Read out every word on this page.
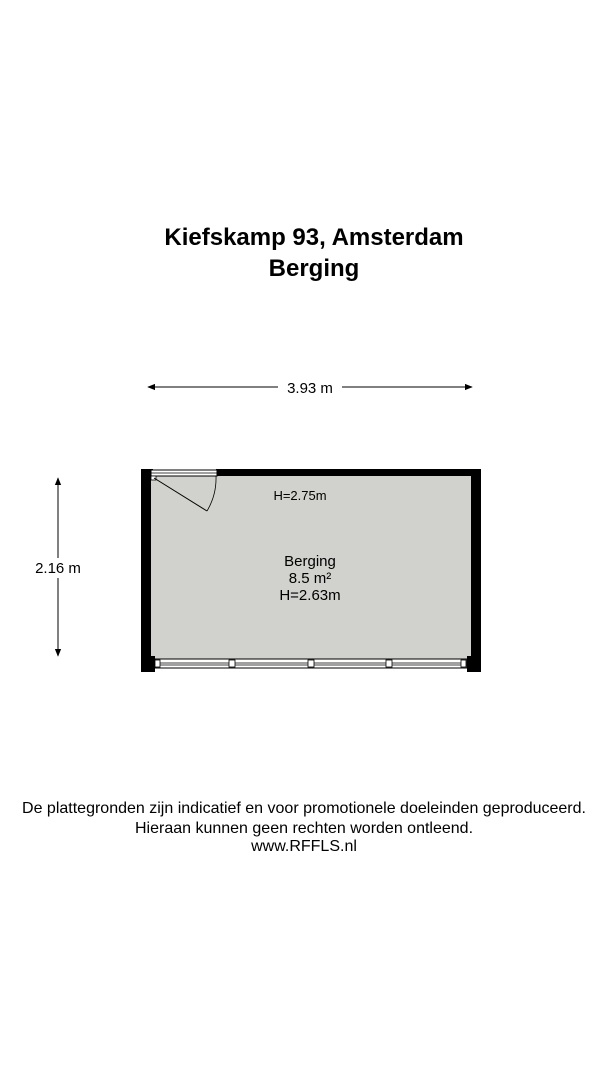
Kiefskamp 93, Amsterdam
Berging
3.93 m
2.16 m
H=2.75m
Berging
8.5 m²
H=2.63m
De plattegronden zijn indicatief en voor promotionele doeleinden geproduceerd.
Hieraan kunnen geen rechten worden ontleend.
www.RFFLS.nl
